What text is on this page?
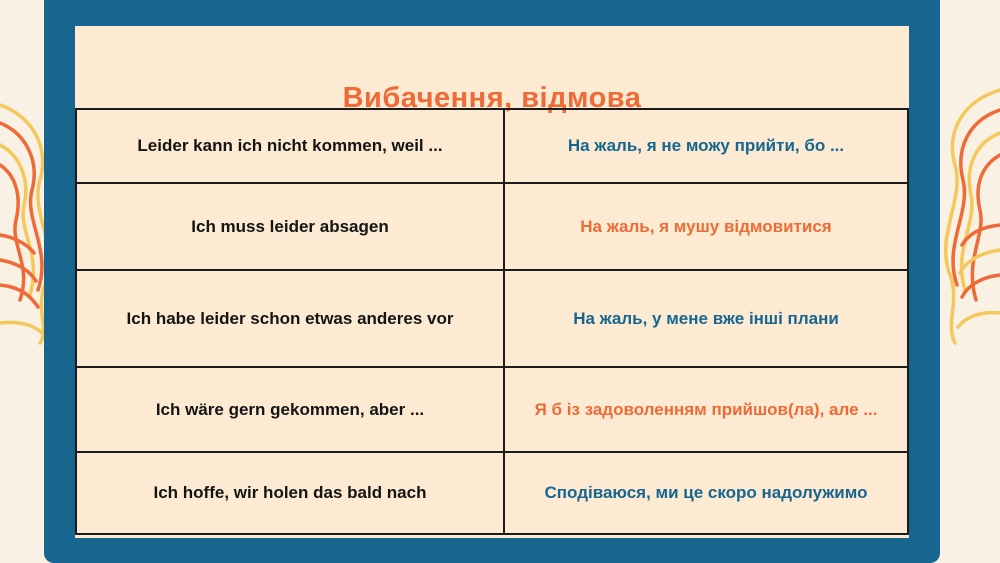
Вибачення, відмова
Leider kann ich nicht kommen, weil ...	На жаль, я не можу прийти, бо ...
Ich muss leider absagen	На жаль, я мушу відмовитися
Ich habe leider schon etwas anderes vor	На жаль, у мене вже інші плани
Ich wäre gern gekommen, aber ...	Я б із задоволенням прийшов(ла), але ...
Ich hoffe, wir holen das bald nach	Сподіваюся, ми це скоро надолужимо
